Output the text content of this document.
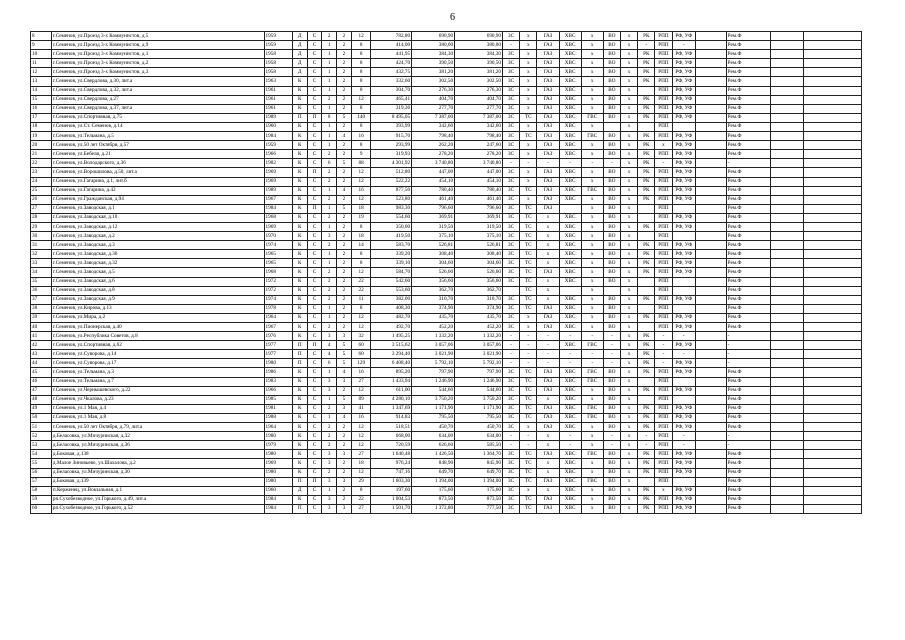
6
8	г.Семенов, ул.Проезд 3-х Коммунистов, д.5	1959	Д	С	2	2	12	782,80	690,90	690,90	ЗС	х	ГАЗ	ХВС	х	ВО	х	РК	РПП	РФ, УФ		Рем.Ф		
9	г.Семенов, ул.Проезд 3-х Коммунистов, д.9	1959	Д	С	1	2	8	414,00	380,00	380,00	-	х	ГАЗ	ХВС	х	ВО	х	-	РПП	-		Рем.Ф		
10	г.Семенов, ул.Проезд 3-х Коммунистов, д.1	1958	Д	С	1	2	8	441,95	384,30	384,30	ЗС	х	ГАЗ	ХВС	х	ВО	х	РК	РПП	РФ, УФ		Рем.Ф		
11	г.Семенов, ул.Проезд 3-х Коммунистов, д.2	1958	Д	С	1	2	8	424,70	390,50	390,50	ЗС	х	ГАЗ	ХВС	х	ВО	х	РК	РПП	РФ, УФ		Рем.Ф		
12	г.Семенов, ул.Проезд 3-х Коммунистов, д.3	1958	Д	С	1	2	8	432,75	381,20	381,20	ЗС	х	ГАЗ	ХВС	х	ВО	х	РК	РПП	РФ, УФ		Рем.Ф		
13	г.Семенов, ул.Свердлова, д.30, лит.а	1963	К	С	1	2	8	332,60	302,50	302,50	ЗС	х	ГАЗ	ХВС	х	ВО	х	РК	РПП	РФ, УФ		Рем.Ф		
14	г.Семенов, ул.Свердлова, д.32, лит.а	1961	К	С	1	2	8	304,70	276,30	276,30	ЗС	х	ГАЗ	ХВС	х	ВО	х		РПП	РФ, УФ		Рем.Ф		
15	г.Семенов, ул.Свердлова, д.27	1961	К	С	2	2	12	465,41	404,70	404,70	ЗС	х	ГАЗ	ХВС	х	ВО	х	РК	РПП	РФ, УФ		Рем.Ф		
16	г.Семенов, ул.Свердлова, д.37, лит.а	1961	К	С	1	2	8	319,36	277,70	277,70	ЗС	х	ГАЗ	ХВС	х	ВО	х	РК	РПП	РФ, УФ		Рем.Ф		
17	г.Семенов, ул.Спортивная, д.75	1989	П	П	8	5	140	8 495,05	7 387,00	7 387,00	ЗС	ТС	ГАЗ	ХВС	ГВС	ВО	х	РК	РПП	РФ, УФ		Рем.Ф		
18	г.Семенов, ул.Ст. Семенов, д.14	1960	К	С	1	2	8	393,99	342,60	342,60	ЗС	х	ГАЗ	ХВС	х		х		РПП			Рем.Ф		
19	г.Семенов, ул.Тельмана, д.5	1984	К	С	1	4	16	915,70	798,40	798,40	ЗС	ТС	ГАЗ	ХВС	ГВС	ВО	х	РК	РПП	РФ, УФ		Рем.Ф		
20	г.Семенов, ул.50 лет Октября, д.57	1959	К	С	1	2	8	293,99	262,20	247,60	ЗС	х	ГАЗ	ХВС	х	ВО	х	РК	х	РФ, УФ		Рем.Ф		
21	г.Семенов, ул.Бебеля, д.21	1966	К	С	2	2	9	319,93	278,20	278,20	ЗС	х	ГАЗ	ХВС	х	ВО	х	РК	РПП	РФ, УФ		Рем.Ф		
22	г.Семенов, ул.Володарского, д.36	1982	К	С	6	5	88	4 301,92	3 740,80	3 740,80	-	-	-	-	-	-	х	РК	-	РФ, УФ		-		
23	г.Семенов, ул.Ворошилова, д.50, лит.а	1969	К	П	2	2	12	512,80	447,00	447,00	ЗС	х	ГАЗ	ХВС	х	ВО	х	РК	РПП	РФ, УФ		Рем.Ф		
24	г.Семенов, ул.Гагарина, д.1, лит.б	1969	К	С	2	2	12	522,22	454,10	454,10	ЗС	х	ГАЗ	ХВС	х	ВО	х	РК	РПП	РФ, УФ		Рем.Ф		
25	г.Семенов, ул.Гагарина, д.42	1989	К	С	1	4	16	877,50	780,40	780,40	ЗС	ТС	ГАЗ	ХВС	ГВС	ВО	х	РК	РПП	РФ, УФ		Рем.Ф		
26	г.Семенов, ул.Гражданская, д.94	1967	К	С	2	2	12	523,80	461,40	461,40	ЗС	х	ГАЗ	ХВС	х	ВО	х	РК	РПП	РФ, УФ		Рем.Ф		
27	г.Семенов, ул.Заводская, д.1	1984	К	П	1	5	18	983,30	796,60	796,60	ЗС	ТС	ГАЗ		х	ВО	х		РПП			Рем.Ф		
28	г.Семенов, ул.Заводская, д.10	1968	К	С	2	2	19	554,60	369,91	369,91	ЗС	ТС	х	ХВС	х	ВО	х		РПП	РФ, УФ		Рем.Ф		
29	г.Семенов, ул.Заводская, д.12	1969	К	С	1	2	8	350,00	319,50	319,50	ЗС	ТС	х	ХВС	х	ВО	х	РК	РПП	РФ, УФ		Рем.Ф		
30	г.Семенов, ул.Заводская, д.2	1970	К	С	3	2	18	419,50	375,10	375,10	ЗС	ТС	х	ХВС	х	ВО	х		РПП			Рем.Ф		
31	г.Семенов, ул.Заводская, д.3	1974	К	С	2	2	14	583,70	526,81	526,81	ЗС	ТС	х	ХВС	х	ВО	х	РК	РПП	РФ, УФ		Рем.Ф		
32	г.Семенов, ул.Заводская, д.30	1965	К	С	1	2	8	339,20	308,40	308,40	ЗС	ТС	х	ХВС	х	ВО	х	РК	РПП	РФ, УФ		Рем.Ф		
33	г.Семенов, ул.Заводская, д.32	1965	К	С	1	2	8	339,10	304,60	304,60	ЗС	ТС	х	ХВС	х	ВО	х	РК	РПП	РФ, УФ		Рем.Ф		
34	г.Семенов, ул.Заводская, д.5	1968	К	С	2	2	12	584,70	526,60	526,60	ЗС	ТС	ГАЗ	ХВС	х	ВО	х	РК	РПП	РФ, УФ		Рем.Ф		
35	г.Семенов, ул.Заводская, д.6	1972	К	С	2	2	22	542,60	356,60	356,60	ЗС	ТС	х	ХВС	х	ВО	х		РПП			Рем.Ф		
36	г.Семенов, ул.Заводская, д.8	1972	К	С	2	2	22	553,60	362,70	362,70		ТС	х		х		х		РПП			Рем.Ф		
37	г.Семенов, ул.Заводская, д.9	1974	К	С	2	2	11	382,00	310,70	310,70	ЗС	ТС	х	ХВС	х	ВО	х	РК	РПП	РФ, УФ		Рем.Ф		
38	г.Семенов, ул.Кирова, д.13	1978	К	С	1	2	8	408,30	374,90	374,90	ЗС	ТС	ГАЗ	ХВС	х	ВО	х		РПП			Рем.Ф		
39	г.Семенов, ул.Мира, д.2	1964	К	С	1	2	12	482,70	435,70	435,70	ЗС	х	ГАЗ	ХВС	х	ВО	х	РК	РПП	РФ, УФ		Рем.Ф		
40	г.Семенов, ул.Пионерская, д.40	1967	К	С	2	2	12	492,70	452,20	452,20	ЗС	х	ГАЗ	ХВС	х	ВО	х		РПП	РФ, УФ		Рем.Ф		
41	г.Семенов, ул.Республика Советов, д.8	1976	К	С	3	3	32	1 495,25	1 332,20	1 332,20	-	-	-	-	-	-	х	РК	-	-		-		
42	г.Семенов, ул.Спортивная, д.62	1977	П	П	4	5	60	3 515,62	3 057,06	3 057,06	-	-	-	ХВС	ГВС	-	х	РК	-	РФ, УФ		-		
43	г.Семенов, ул.Суворова, д.14	1977	П	С	4	5	60	3 294,40	3 021,90	3 021,90	-	-	-	-	-	-	х	РК	-	-		-		
44	г.Семенов, ул.Суворова, д.17	1980	П	С	6	5	129	6 408,40	5 792,10	5 792,10	-	-	-	-	-	-	х	РК	-	РФ, УФ		-		
45	г.Семенов, ул.Тельмана, д.3	1986	К	С	1	4	16	895,20	797,90	797,90	ЗС	ТС	ГАЗ	ХВС	ГВС	ВО	х	РК	РПП	РФ, УФ		Рем.Ф		
46	г.Семенов, ул.Тельмана, д.7	1983	К	С	3	3	27	1 433,94	1 246,90	1 246,90	ЗС	ТС	ГАЗ	ХВС	ГВС	ВО	х		РПП			Рем.Ф		
47	г.Семенов, ул.Чернышевского, д.22	1966	К	С	3	2	12	611,00	544,60	544,60	ЗС	ТС	ГАЗ	ХВС	х	ВО	х	РК	РПП	РФ, УФ		Рем.Ф		
48	г.Семенов, ул.Чкалова, д.23	1985	К	С	1	5	89	4 280,10	3 750,20	3 750,20	ЗС	ТС	х	ХВС	х	ВО	х		РПП			Рем.Ф		
49	г.Семенов, ул.1 Мая, д.4	1981	К	С	2	3	41	1 347,69	1 171,90	1 171,90	ЗС	ТС	ГАЗ	ХВС	ГВС	ВО	х	РК	РПП	РФ, УФ		Рем.Ф		
50	г.Семенов, ул.1 Мая, д.8	1988	К	С	1	4	16	914,83	795,50	795,50	ЗС	ТС	ГАЗ	ХВС	ГВС	ВО	х	РК	РПП	РФ, УФ		Рем.Ф		
51	г.Семенов, ул.50 лет Октября, д.79, лит.а	1964	К	С	2	2	12	518,51	450,70	450,70	ЗС	х	ГАЗ	ХВС	х	ВО	х	РК	РПП	РФ, УФ		Рем.Ф		
52	д.Беласовка, ул.Мичуринская, д.32	1980	К	С	2	2	12	668,00	634,00	634,00	-	-	х	-	х	-	х	-	РПП	-		-		
53	д.Беласовка, ул.Мичуринская, д.36	1979	К	С	2	2	12	720,59	626,60	585,50	-	-	х	-	х	-	х	-	РПП	-		-		
54	д.Боковая, д.138	1980	К	С	3	3	27	1 640,48	1 426,50	1 364,70	ЗС	ТС	ГАЗ	ХВС	ГВС	ВО	х	РК	РПП	РФ, УФ		Рем.Ф		
55	д.Малое Зиновьево, ул.Шахалова, д.2	1969	К	С	3	2	18	976,24	848,90	845,90	ЗС	ТС	х	ХВС	х	ВО	х	РК	РПП	РФ, УФ		Рем.Ф		
56	д.Беласовка, ул.Мичуринская, д.30	1980	К	С	2	2	12	747,16	649,70	649,70	ЗС	ТС	х	ХВС	х	ВО	х	РК	РПП	РФ, УФ		Рем.Ф		
57	д.Боковая, д.139	1980	П	П	3	3	29	1 603,30	1 394,00	1 394,00	ЗС	ТС	ГАЗ	ХВС	ГВС	ВО	х		РПП			Рем.Ф		
58	п.Керженец, ул.Вокзальная, д.1	1960	Д	С	1	2	8	197,60	175,60	175,60	ЗС	х	х	ХВС	х	ВО	х	РК	х	РФ, УФ		Рем.Ф		
59	рп.Сухобезводное, ул.Горького, д.49, лит.а	1984	К	С	3	2	22	1 004,53	873,50	873,50	ЗС	ТС	ГАЗ	ХВС	х	ВО	х	РК	РПП	РФ, УФ		Рем.Ф		
60	рп.Сухобезводное, ул.Горького, д.52	1984	П	С	3	3	27	1 501,70	1 372,80	777,50	ЗС	ТС	ГАЗ	ХВС	х	ВО	х	РК	РПП	РФ, УФ		Рем.Ф		
